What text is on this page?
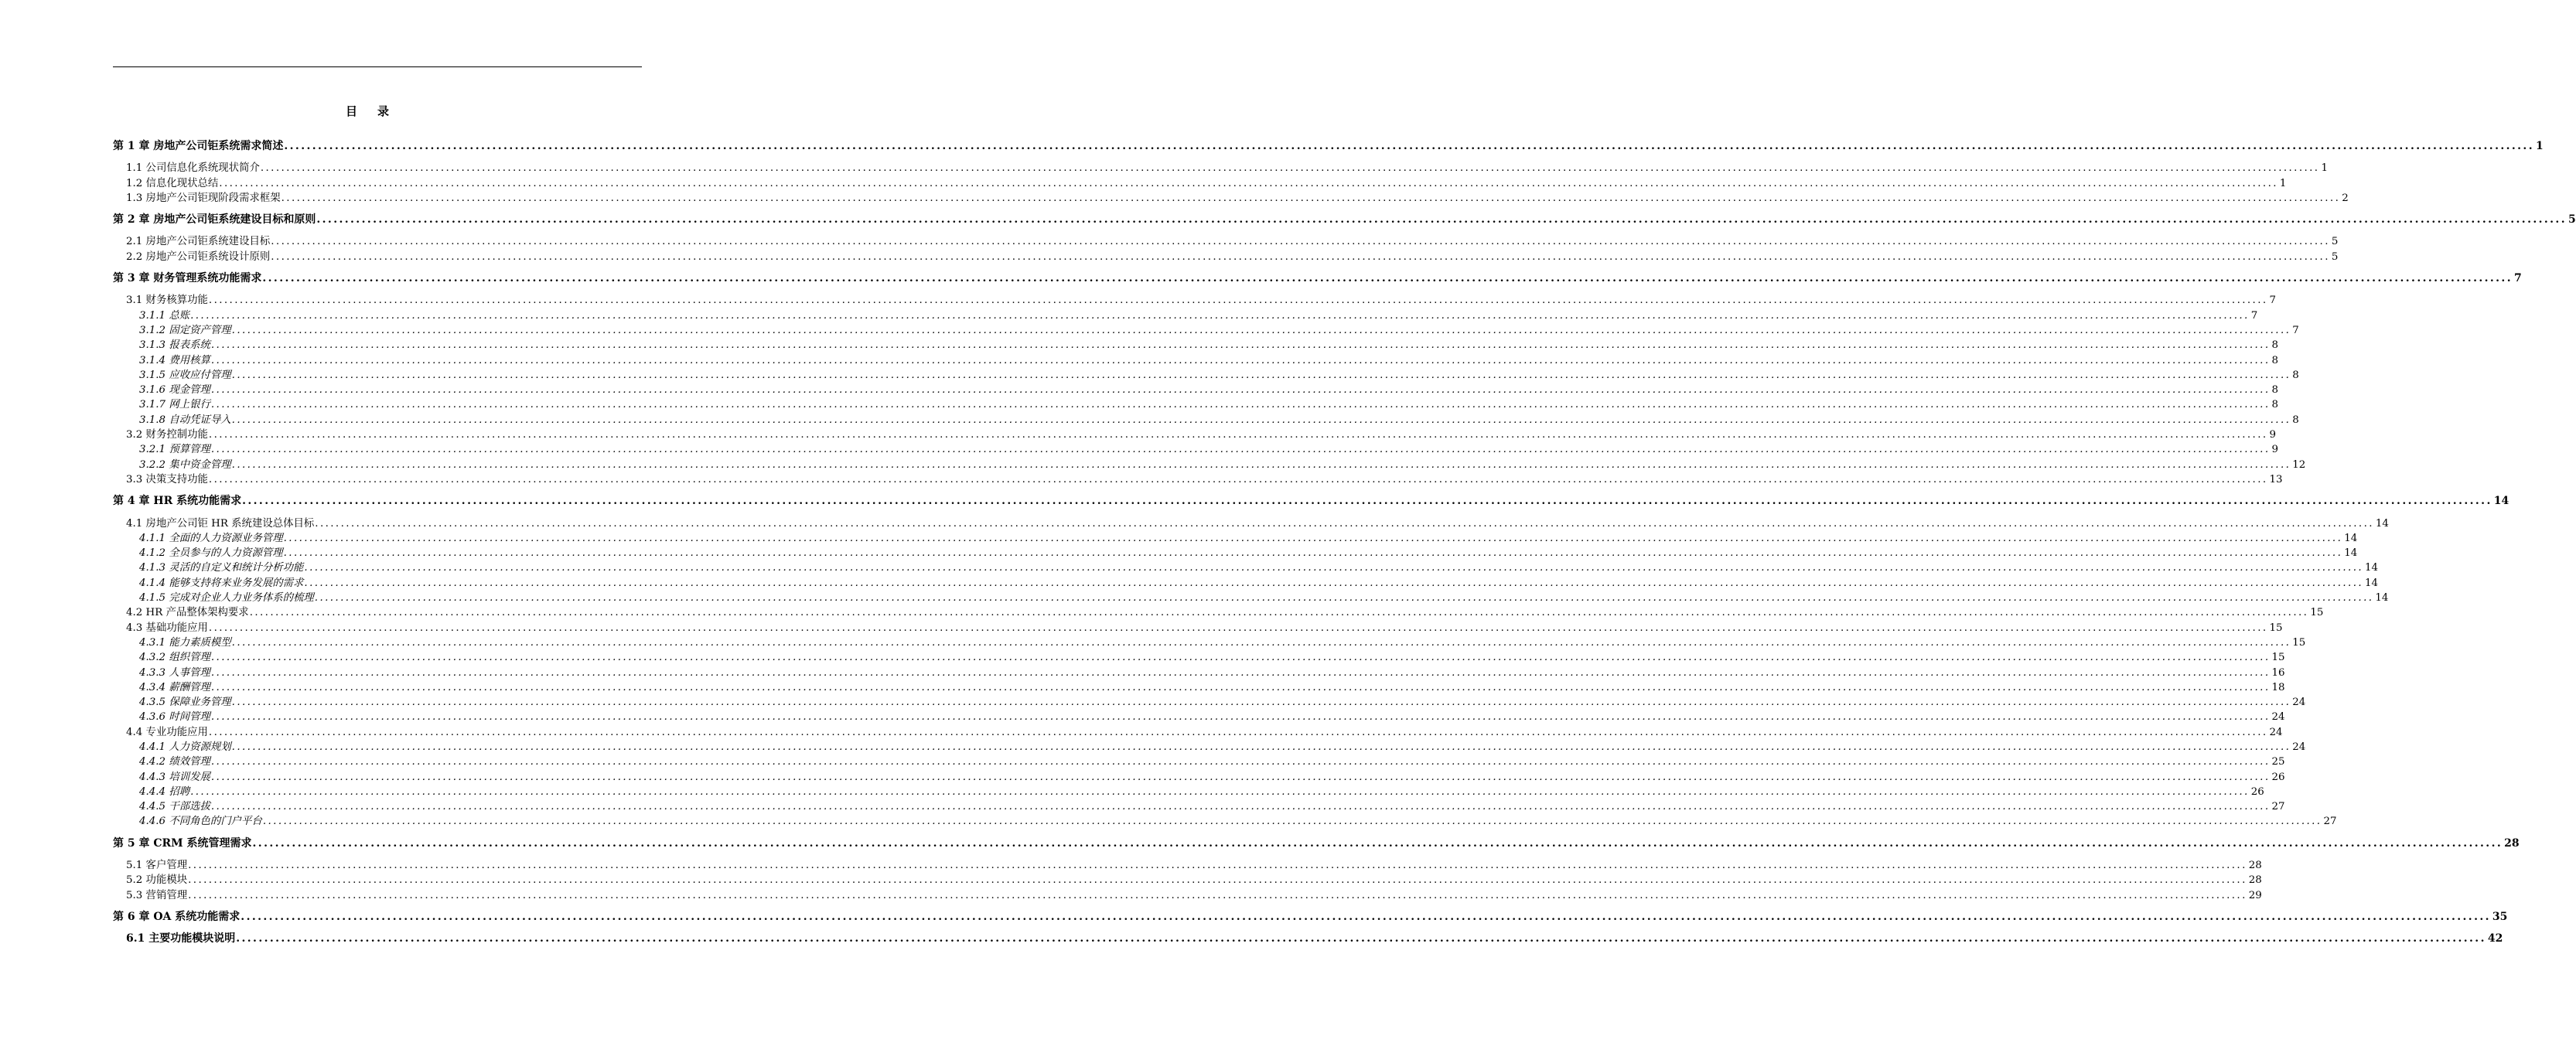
目 录
第 1 章 房地产公司钜系统需求简述 ................................................................................................................................................................................................................................................................................................................................................................................................................ 1
1.1 公司信息化系统现状简介 ................................................................................................................................................................................................................................................................................................................................................................................................................ 1
1.2 信息化现状总结 ................................................................................................................................................................................................................................................................................................................................................................................................................ 1
1.3 房地产公司钜现阶段需求框架 ................................................................................................................................................................................................................................................................................................................................................................................................................ 2
第 2 章 房地产公司钜系统建设目标和原则 ................................................................................................................................................................................................................................................................................................................................................................................................................ 5
2.1 房地产公司钜系统建设目标 ................................................................................................................................................................................................................................................................................................................................................................................................................ 5
2.2 房地产公司钜系统设计原则 ................................................................................................................................................................................................................................................................................................................................................................................................................ 5
第 3 章 财务管理系统功能需求 ................................................................................................................................................................................................................................................................................................................................................................................................................ 7
3.1 财务核算功能 ................................................................................................................................................................................................................................................................................................................................................................................................................ 7
3.1.1 总账 ................................................................................................................................................................................................................................................................................................................................................................................................................ 7
3.1.2 固定资产管理 ................................................................................................................................................................................................................................................................................................................................................................................................................ 7
3.1.3 报表系统 ................................................................................................................................................................................................................................................................................................................................................................................................................ 8
3.1.4 费用核算 ................................................................................................................................................................................................................................................................................................................................................................................................................ 8
3.1.5 应收应付管理 ................................................................................................................................................................................................................................................................................................................................................................................................................ 8
3.1.6 现金管理 ................................................................................................................................................................................................................................................................................................................................................................................................................ 8
3.1.7 网上银行 ................................................................................................................................................................................................................................................................................................................................................................................................................ 8
3.1.8 自动凭证导入 ................................................................................................................................................................................................................................................................................................................................................................................................................ 8
3.2 财务控制功能 ................................................................................................................................................................................................................................................................................................................................................................................................................ 9
3.2.1 预算管理 ................................................................................................................................................................................................................................................................................................................................................................................................................ 9
3.2.2 集中资金管理 ................................................................................................................................................................................................................................................................................................................................................................................................................ 12
3.3 决策支持功能 ................................................................................................................................................................................................................................................................................................................................................................................................................ 13
第 4 章 HR 系统功能需求 ................................................................................................................................................................................................................................................................................................................................................................................................................ 14
4.1 房地产公司钜 HR 系统建设总体目标 ................................................................................................................................................................................................................................................................................................................................................................................................................ 14
4.1.1 全面的人力资源业务管理 ................................................................................................................................................................................................................................................................................................................................................................................................................ 14
4.1.2 全员参与的人力资源管理 ................................................................................................................................................................................................................................................................................................................................................................................................................ 14
4.1.3 灵活的自定义和统计分析功能 ................................................................................................................................................................................................................................................................................................................................................................................................................ 14
4.1.4 能够支持将来业务发展的需求 ................................................................................................................................................................................................................................................................................................................................................................................................................ 14
4.1.5 完成对企业人力业务体系的梳理 ................................................................................................................................................................................................................................................................................................................................................................................................................ 14
4.2 HR 产品整体架构要求 ................................................................................................................................................................................................................................................................................................................................................................................................................ 15
4.3 基础功能应用 ................................................................................................................................................................................................................................................................................................................................................................................................................ 15
4.3.1 能力素质模型 ................................................................................................................................................................................................................................................................................................................................................................................................................ 15
4.3.2 组织管理 ................................................................................................................................................................................................................................................................................................................................................................................................................ 15
4.3.3 人事管理 ................................................................................................................................................................................................................................................................................................................................................................................................................ 16
4.3.4 薪酬管理 ................................................................................................................................................................................................................................................................................................................................................................................................................ 18
4.3.5 保障业务管理 ................................................................................................................................................................................................................................................................................................................................................................................................................ 24
4.3.6 时间管理 ................................................................................................................................................................................................................................................................................................................................................................................................................ 24
4.4 专业功能应用 ................................................................................................................................................................................................................................................................................................................................................................................................................ 24
4.4.1 人力资源规划 ................................................................................................................................................................................................................................................................................................................................................................................................................ 24
4.4.2 绩效管理 ................................................................................................................................................................................................................................................................................................................................................................................................................ 25
4.4.3 培训发展 ................................................................................................................................................................................................................................................................................................................................................................................................................ 26
4.4.4 招聘 ................................................................................................................................................................................................................................................................................................................................................................................................................ 26
4.4.5 干部选拔 ................................................................................................................................................................................................................................................................................................................................................................................................................ 27
4.4.6 不同角色的门户平台 ................................................................................................................................................................................................................................................................................................................................................................................................................ 27
第 5 章 CRM 系统管理需求 ................................................................................................................................................................................................................................................................................................................................................................................................................ 28
5.1 客户管理 ................................................................................................................................................................................................................................................................................................................................................................................................................ 28
5.2 功能模块 ................................................................................................................................................................................................................................................................................................................................................................................................................ 28
5.3 营销管理 ................................................................................................................................................................................................................................................................................................................................................................................................................ 29
第 6 章 OA 系统功能需求 ................................................................................................................................................................................................................................................................................................................................................................................................................ 35
6.1 主要功能模块说明 ................................................................................................................................................................................................................................................................................................................................................................................................................ 42
